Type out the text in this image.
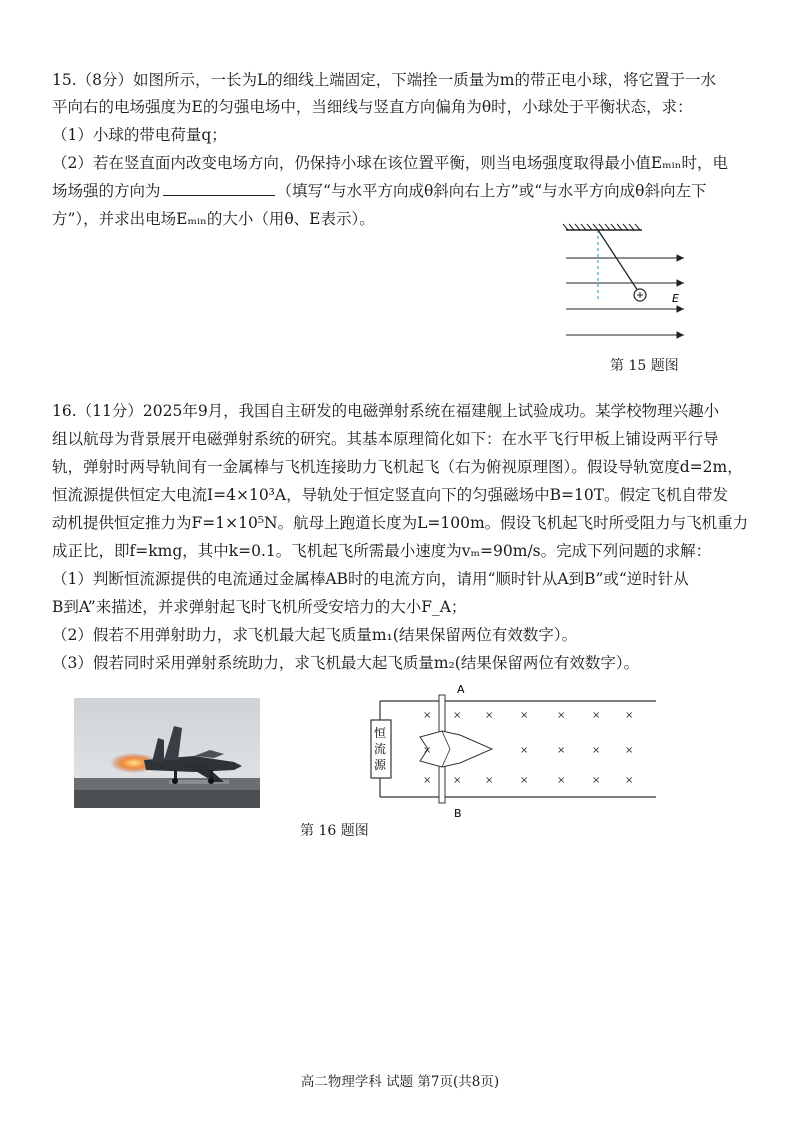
15.（8分）如图所示，一长为L的细线上端固定，下端拴一质量为m的带正电小球，将它置于一水
平向右的电场强度为E的匀强电场中，当细线与竖直方向偏角为θ时，小球处于平衡状态，求：
（1）小球的带电荷量q；
（2）若在竖直面内改变电场方向，仍保持小球在该位置平衡，则当电场强度取得最小值Eₘᵢₙ时，电
场场强的方向为	（填写“与水平方向成θ斜向右上方”或“与水平方向成θ斜向左下
方”），并求出电场Eₘᵢₙ的大小（用θ、E表示）。
E
第 15 题图
16.（11分）2025年9月，我国自主研发的电磁弹射系统在福建舰上试验成功。某学校物理兴趣小
组以航母为背景展开电磁弹射系统的研究。其基本原理简化如下：在水平飞行甲板上铺设两平行导
轨，弹射时两导轨间有一金属棒与飞机连接助力飞机起飞（右为俯视原理图）。假设导轨宽度d=2m，
恒流源提供恒定大电流I=4×10³A，导轨处于恒定竖直向下的匀强磁场中B=10T。假定飞机自带发
动机提供恒定推力为F=1×10⁵N。航母上跑道长度为L=100m。假设飞机起飞时所受阻力与飞机重力
成正比，即f=kmg，其中k=0.1。飞机起飞所需最小速度为vₘ=90m/s。完成下列问题的求解：
（1）判断恒流源提供的电流通过金属棒AB时的电流方向，请用“顺时针从A到B”或“逆时针从
B到A”来描述，并求弹射起飞时飞机所受安培力的大小F_A；
（2）假若不用弹射助力，求飞机最大起飞质量m₁(结果保留两位有效数字）。
（3）假若同时采用弹射系统助力，求飞机最大起飞质量m₂(结果保留两位有效数字）。
恒
流
源
A
B
× × ×	×	×	× ×
×	×	×	× ×
× × ×	×	×	× ×
第 16 题图
高二物理学科 试题 第7页(共8页)
